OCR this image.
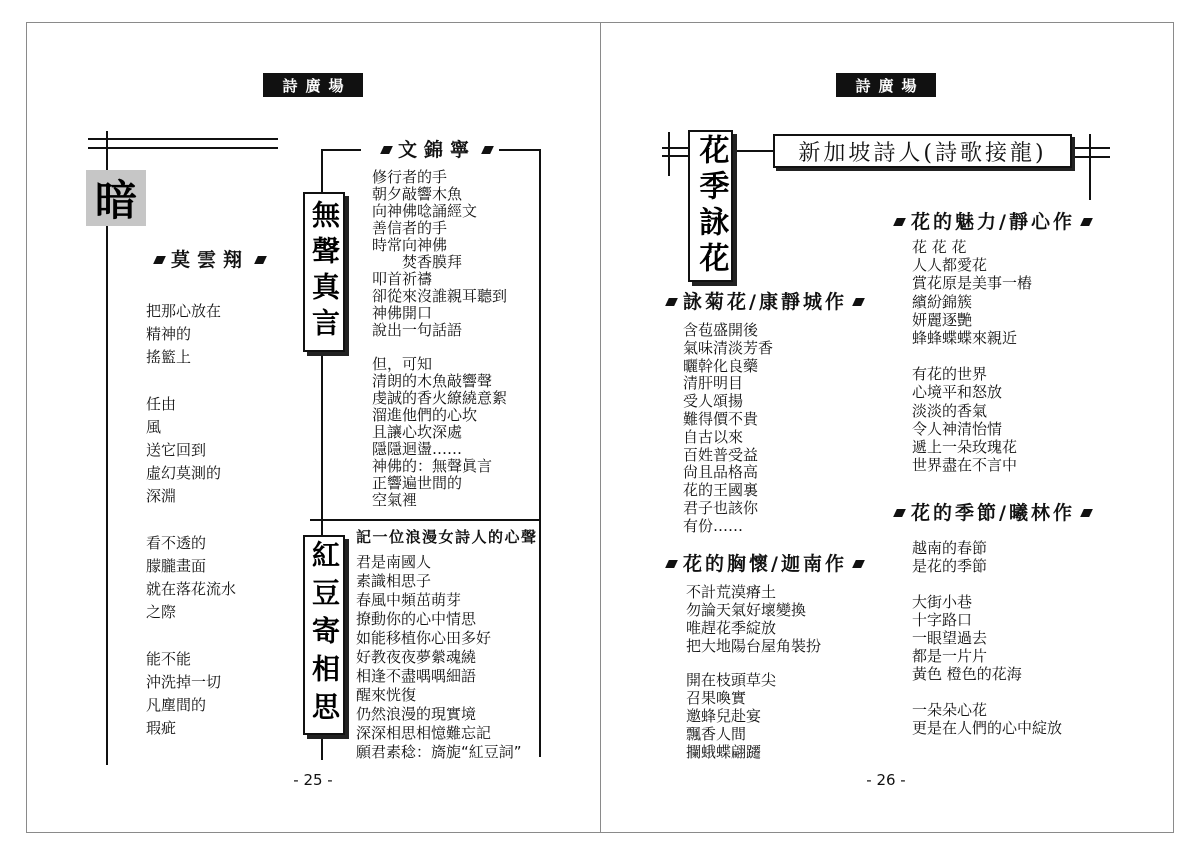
詩廣場
暗
莫雲翔
把那心放在
精神的
搖籃上
任由
風
送它回到
虛幻莫測的
深淵
看不透的
朦朧畫面
就在落花流水
之際
能不能
沖洗掉一切
凡塵間的
瑕疵
文錦寧
無聲真言
修行者的手
朝夕敲響木魚
向神佛唸誦經文
善信者的手
時常向神佛
　　焚香膜拜
叩首祈禱
卻從來沒誰親耳聽到
神佛開口
說出一句話語
但，可知
清朗的木魚敲響聲
虔誠的香火繚繞意絮
溜進他們的心坎
且讓心坎深處
隱隱迴盪……
神佛的：無聲眞言
正響遍世間的
空氣裡
記一位浪漫女詩人的心聲
紅豆寄相思 君是南國人
素識相思子
春風中頻茁萌芽
撩動你的心中情思
如能移植你心田多好
好教夜夜夢縈魂繞
相逢不盡喁喁細語
醒來恍復
仍然浪漫的現實境
深深相思相憶難忘記
願君素稔：旖旎“紅豆詞”
- 25 -
詩廣場
花季詠花	新加坡詩人(詩歌接龍)
詠菊花/康靜城作
含苞盛開後
氣味清淡芳香
曬幹化良藥
清肝明目
受人頌揚
難得價不貴
自古以來
百姓普受益
尙且品格高
花的王國裏
君子也該你
有份……
花的胸懷/迦南作
不計荒漠瘠土
勿論天氣好壞變換
唯趕花季綻放
把大地陽台屋角裝扮
開在枝頭草尖
召果喚實
邀蜂兒赴宴
飄香人間
攔蛾蝶翩躚
花的魅力/靜心作
花 花 花
人人都愛花
賞花原是美事一樁
繽紛錦簇
妍麗逐艷
蜂蜂蝶蝶來親近
有花的世界
心境平和怒放
淡淡的香氣
令人神清怡情
遞上一朵玫瑰花
世界盡在不言中
花的季節/曦林作
越南的春節
是花的季節
大街小巷
十字路口
一眼望過去
都是一片片
黃色 橙色的花海
一朵朵心花
更是在人們的心中綻放
- 26 -
